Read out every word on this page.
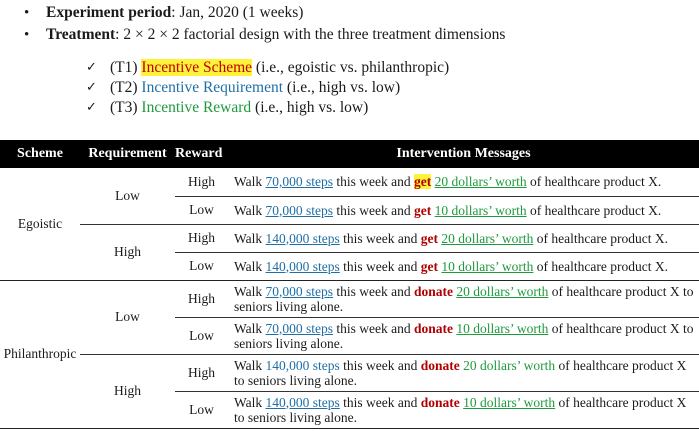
• Experiment period: Jan, 2020 (1 weeks)
• Treatment: 2 × 2 × 2 factorial design with the three treatment dimensions
✓ (T1) Incentive Scheme (i.e., egoistic vs. philanthropic)
✓ (T2) Incentive Requirement (i.e., high vs. low)
✓ (T3) Incentive Reward (i.e., high vs. low)
Scheme	Requirement	Reward	Intervention Messages
Egoistic	Low	High	Walk 70,000 steps this week and get 20 dollars’ worth of healthcare product X.
		Low	Walk 70,000 steps this week and get 10 dollars’ worth of healthcare product X.
	High	High	Walk 140,000 steps this week and get 20 dollars’ worth of healthcare product X.
		Low	Walk 140,000 steps this week and get 10 dollars’ worth of healthcare product X.
Philanthropic	Low	High	Walk 70,000 steps this week and donate 20 dollars’ worth of healthcare product X to seniors living alone.
		Low	Walk 70,000 steps this week and donate 10 dollars’ worth of healthcare product X to seniors living alone.
	High	High	Walk 140,000 steps this week and donate 20 dollars’ worth of healthcare product X to seniors living alone.
		Low	Walk 140,000 steps this week and donate 10 dollars’ worth of healthcare product X to seniors living alone.
